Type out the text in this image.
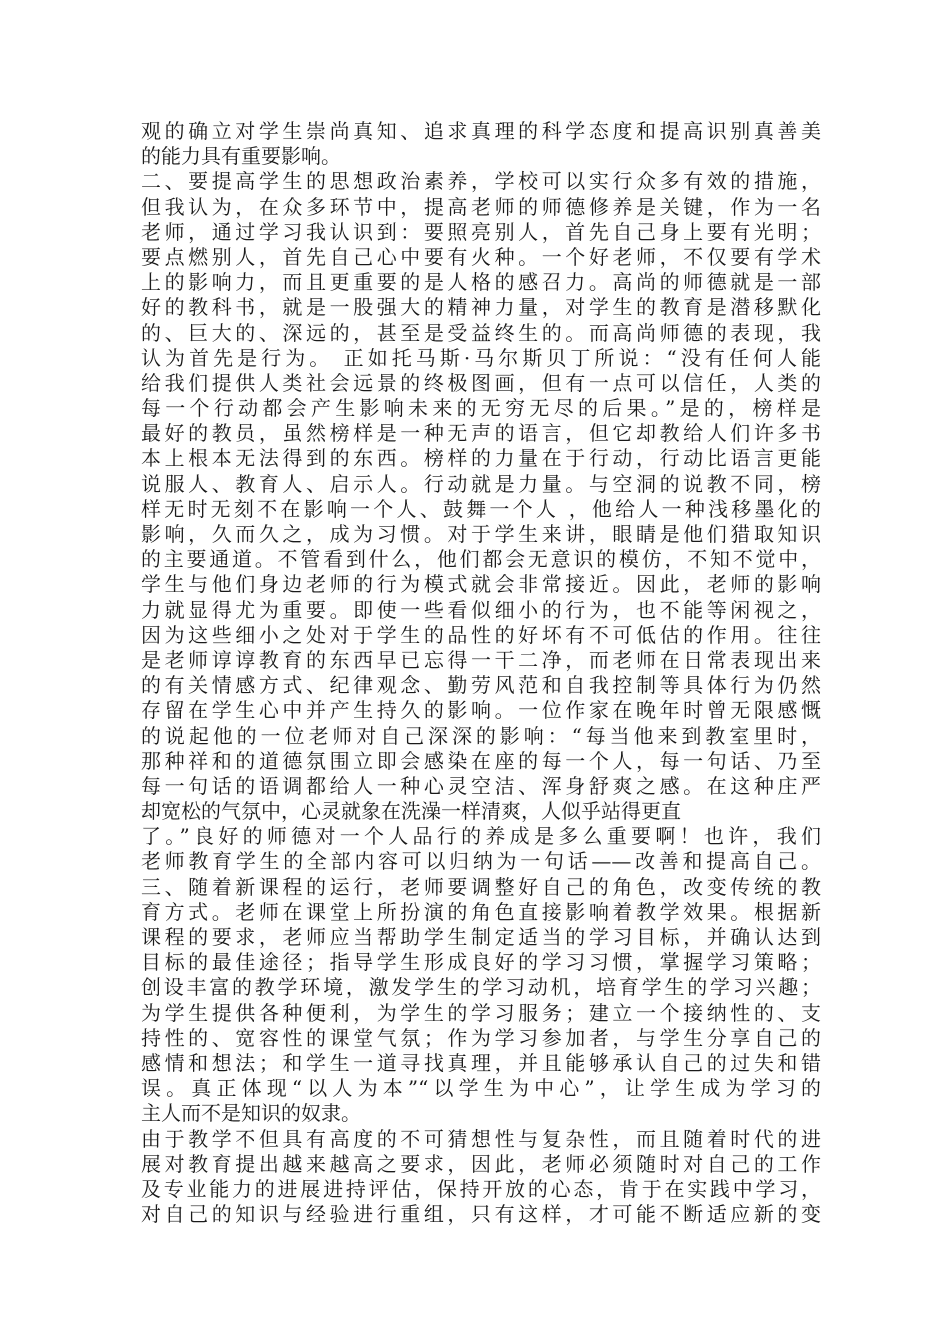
观的确立对学生崇尚真知、追求真理的科学态度和提高识别真善美
的能力具有重要影响。
二、要提高学生的思想政治素养，学校可以实行众多有效的措施，
但我认为，在众多环节中，提高老师的师德修养是关键，作为一名
老师，通过学习我认识到：要照亮别人，首先自己身上要有光明；
要点燃别人，首先自己心中要有火种。一个好老师，不仅要有学术
上的影响力，而且更重要的是人格的感召力。高尚的师德就是一部
好的教科书，就是一股强大的精神力量，对学生的教育是潜移默化
的、巨大的、深远的，甚至是受益终生的。而高尚师德的表现，我
认为首先是行为。 正如托马斯·马尔斯贝丁所说：“没有任何人能
给我们提供人类社会远景的终极图画，但有一点可以信任，人类的
每一个行动都会产生影响未来的无穷无尽的后果。”是的，榜样是
最好的教员，虽然榜样是一种无声的语言，但它却教给人们许多书
本上根本无法得到的东西。榜样的力量在于行动，行动比语言更能
说服人、教育人、启示人。行动就是力量。与空洞的说教不同，榜
样无时无刻不在影响一个人、鼓舞一个人 ，他给人一种浅移墨化的
影响，久而久之，成为习惯。对于学生来讲，眼睛是他们猎取知识
的主要通道。不管看到什么，他们都会无意识的模仿，不知不觉中，
学生与他们身边老师的行为模式就会非常接近。因此，老师的影响
力就显得尤为重要。即使一些看似细小的行为，也不能等闲视之，
因为这些细小之处对于学生的品性的好坏有不可低估的作用。往往
是老师谆谆教育的东西早已忘得一干二净，而老师在日常表现出来
的有关情感方式、纪律观念、勤劳风范和自我控制等具体行为仍然
存留在学生心中并产生持久的影响。一位作家在晚年时曾无限感慨
的说起他的一位老师对自己深深的影响：“每当他来到教室里时，
那种祥和的道德氛围立即会感染在座的每一个人，每一句话、乃至
每一句话的语调都给人一种心灵空洁、浑身舒爽之感。在这种庄严
却宽松的气氛中，心灵就象在洗澡一样清爽，人似乎站得更直
了。”良好的师德对一个人品行的养成是多么重要啊！也许，我们
老师教育学生的全部内容可以归纳为一句话——改善和提高自己。
三、随着新课程的运行，老师要调整好自己的角色，改变传统的教
育方式。老师在课堂上所扮演的角色直接影响着教学效果。根据新
课程的要求，老师应当帮助学生制定适当的学习目标，并确认达到
目标的最佳途径；指导学生形成良好的学习习惯，掌握学习策略；
创设丰富的教学环境，激发学生的学习动机，培育学生的学习兴趣；
为学生提供各种便利，为学生的学习服务；建立一个接纳性的、支
持性的、宽容性的课堂气氛；作为学习参加者，与学生分享自己的
感情和想法；和学生一道寻找真理，并且能够承认自己的过失和错
误。真正体现“以人为本”“以学生为中心”，让学生成为学习的
主人而不是知识的奴隶。
由于教学不但具有高度的不可猜想性与复杂性，而且随着时代的进
展对教育提出越来越高之要求，因此，老师必须随时对自己的工作
及专业能力的进展进持评估，保持开放的心态，肯于在实践中学习，
对自己的知识与经验进行重组，只有这样，才可能不断适应新的变
